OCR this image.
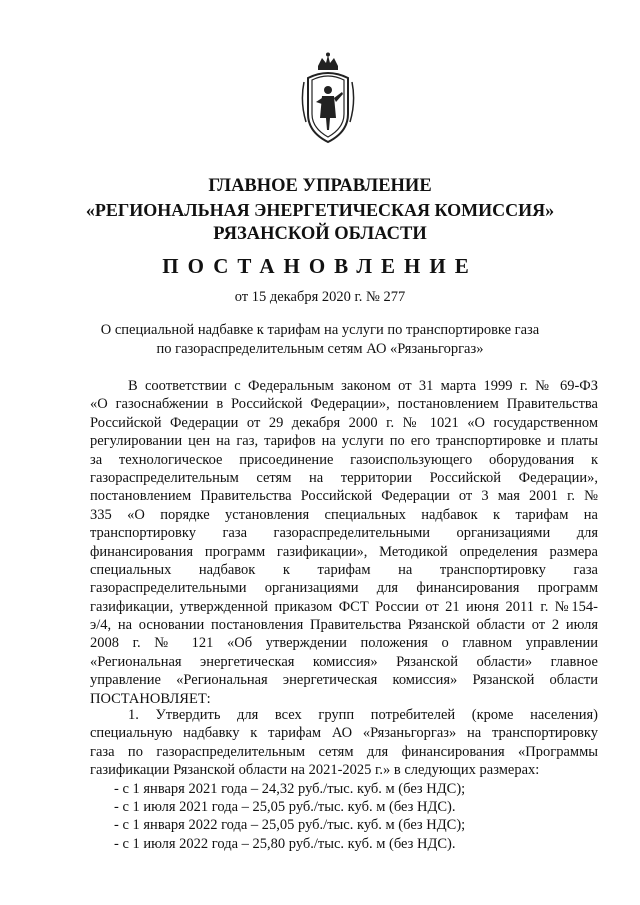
ГЛАВНОЕ УПРАВЛЕНИЕ
«РЕГИОНАЛЬНАЯ ЭНЕРГЕТИЧЕСКАЯ КОМИССИЯ»
РЯЗАНСКОЙ ОБЛАСТИ
ПОСТАНОВЛЕНИЕ
от 15 декабря 2020 г. № 277
О специальной надбавке к тарифам на услуги по транспортировке газа
по газораспределительным сетям АО «Рязаньгоргаз»
В соответствии с Федеральным законом от 31 марта 1999 г. № 69-ФЗ
«О газоснабжении в Российской Федерации», постановлением Правительства
Российской Федерации от 29 декабря 2000 г. № 1021 «О государственном
регулировании цен на газ, тарифов на услуги по его транспортировке и платы
за технологическое присоединение газоиспользующего оборудования к
газораспределительным сетям на территории Российской Федерации»,
постановлением Правительства Российской Федерации от 3 мая 2001 г. №
335 «О порядке установления специальных надбавок к тарифам на
транспортировку газа газораспределительными организациями для
финансирования программ газификации», Методикой определения размера
специальных надбавок к тарифам на транспортировку газа
газораспределительными организациями для финансирования программ
газификации, утвержденной приказом ФСТ России от 21 июня 2011 г. №154-
э/4, на основании постановления Правительства Рязанской области от 2 июля
2008 г. № 121 «Об утверждении положения о главном управлении
«Региональная энергетическая комиссия» Рязанской области» главное
управление «Региональная энергетическая комиссия» Рязанской области
ПОСТАНОВЛЯЕТ:
1. Утвердить для всех групп потребителей (кроме населения)
специальную надбавку к тарифам АО «Рязаньгоргаз» на транспортировку
газа по газораспределительным сетям для финансирования «Программы
газификации Рязанской области на 2021-2025 г.» в следующих размерах:
- с 1 января 2021 года – 24,32 руб./тыс. куб. м (без НДС);
- с 1 июля 2021 года – 25,05 руб./тыс. куб. м (без НДС).
- с 1 января 2022 года – 25,05 руб./тыс. куб. м (без НДС);
- с 1 июля 2022 года – 25,80 руб./тыс. куб. м (без НДС).
